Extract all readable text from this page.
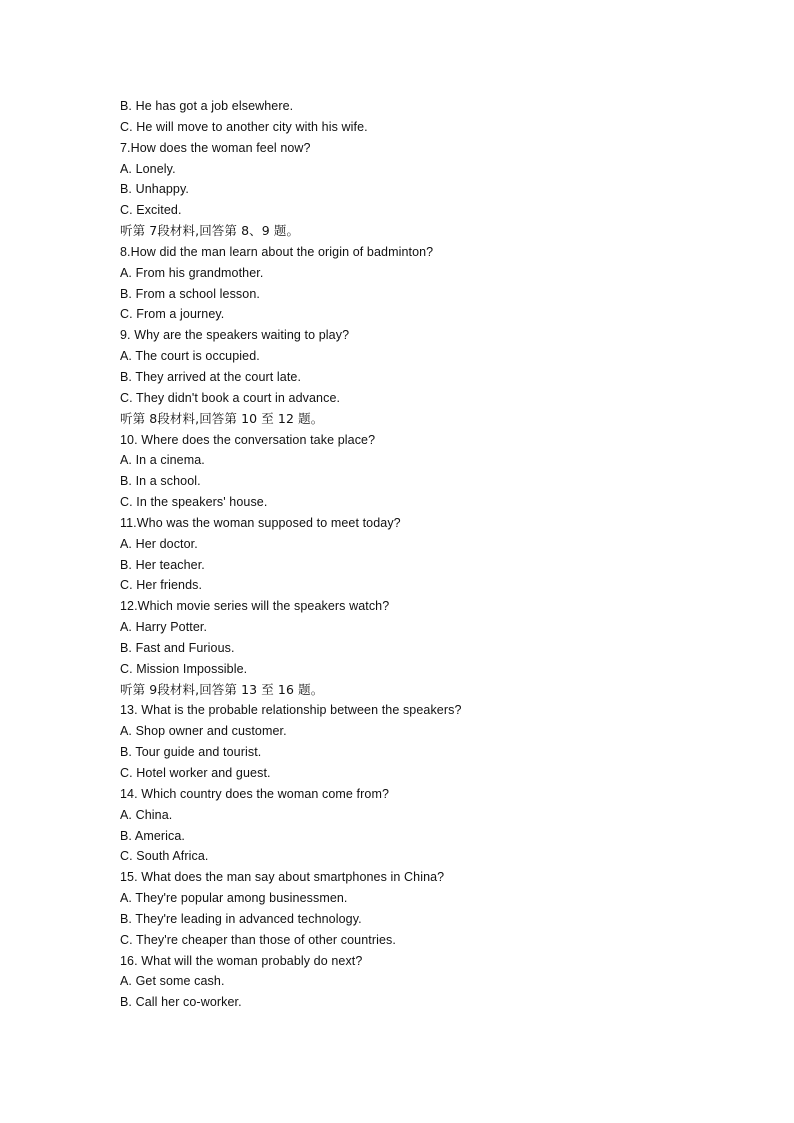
B. He has got a job elsewhere.
C. He will move to another city with his wife.
7.How does the woman feel now?
A. Lonely.
B. Unhappy.
C. Excited.
听第 7段材料,回答第 8、9 题。
8.How did the man learn about the origin of badminton?
A. From his grandmother.
B. From a school lesson.
C. From a journey.
9. Why are the speakers waiting to play?
A. The court is occupied.
B. They arrived at the court late.
C. They didn't book a court in advance.
听第 8段材料,回答第 10 至 12 题。
10. Where does the conversation take place?
A. In a cinema.
B. In a school.
C. In the speakers' house.
11.Who was the woman supposed to meet today?
A. Her doctor.
B. Her teacher.
C. Her friends.
12.Which movie series will the speakers watch?
A. Harry Potter.
B. Fast and Furious.
C. Mission Impossible.
听第 9段材料,回答第 13 至 16 题。
13. What is the probable relationship between the speakers?
A. Shop owner and customer.
B. Tour guide and tourist.
C. Hotel worker and guest.
14. Which country does the woman come from?
A. China.
B. America.
C. South Africa.
15. What does the man say about smartphones in China?
A. They're popular among businessmen.
B. They're leading in advanced technology.
C. They're cheaper than those of other countries.
16. What will the woman probably do next?
A. Get some cash.
B. Call her co-worker.
